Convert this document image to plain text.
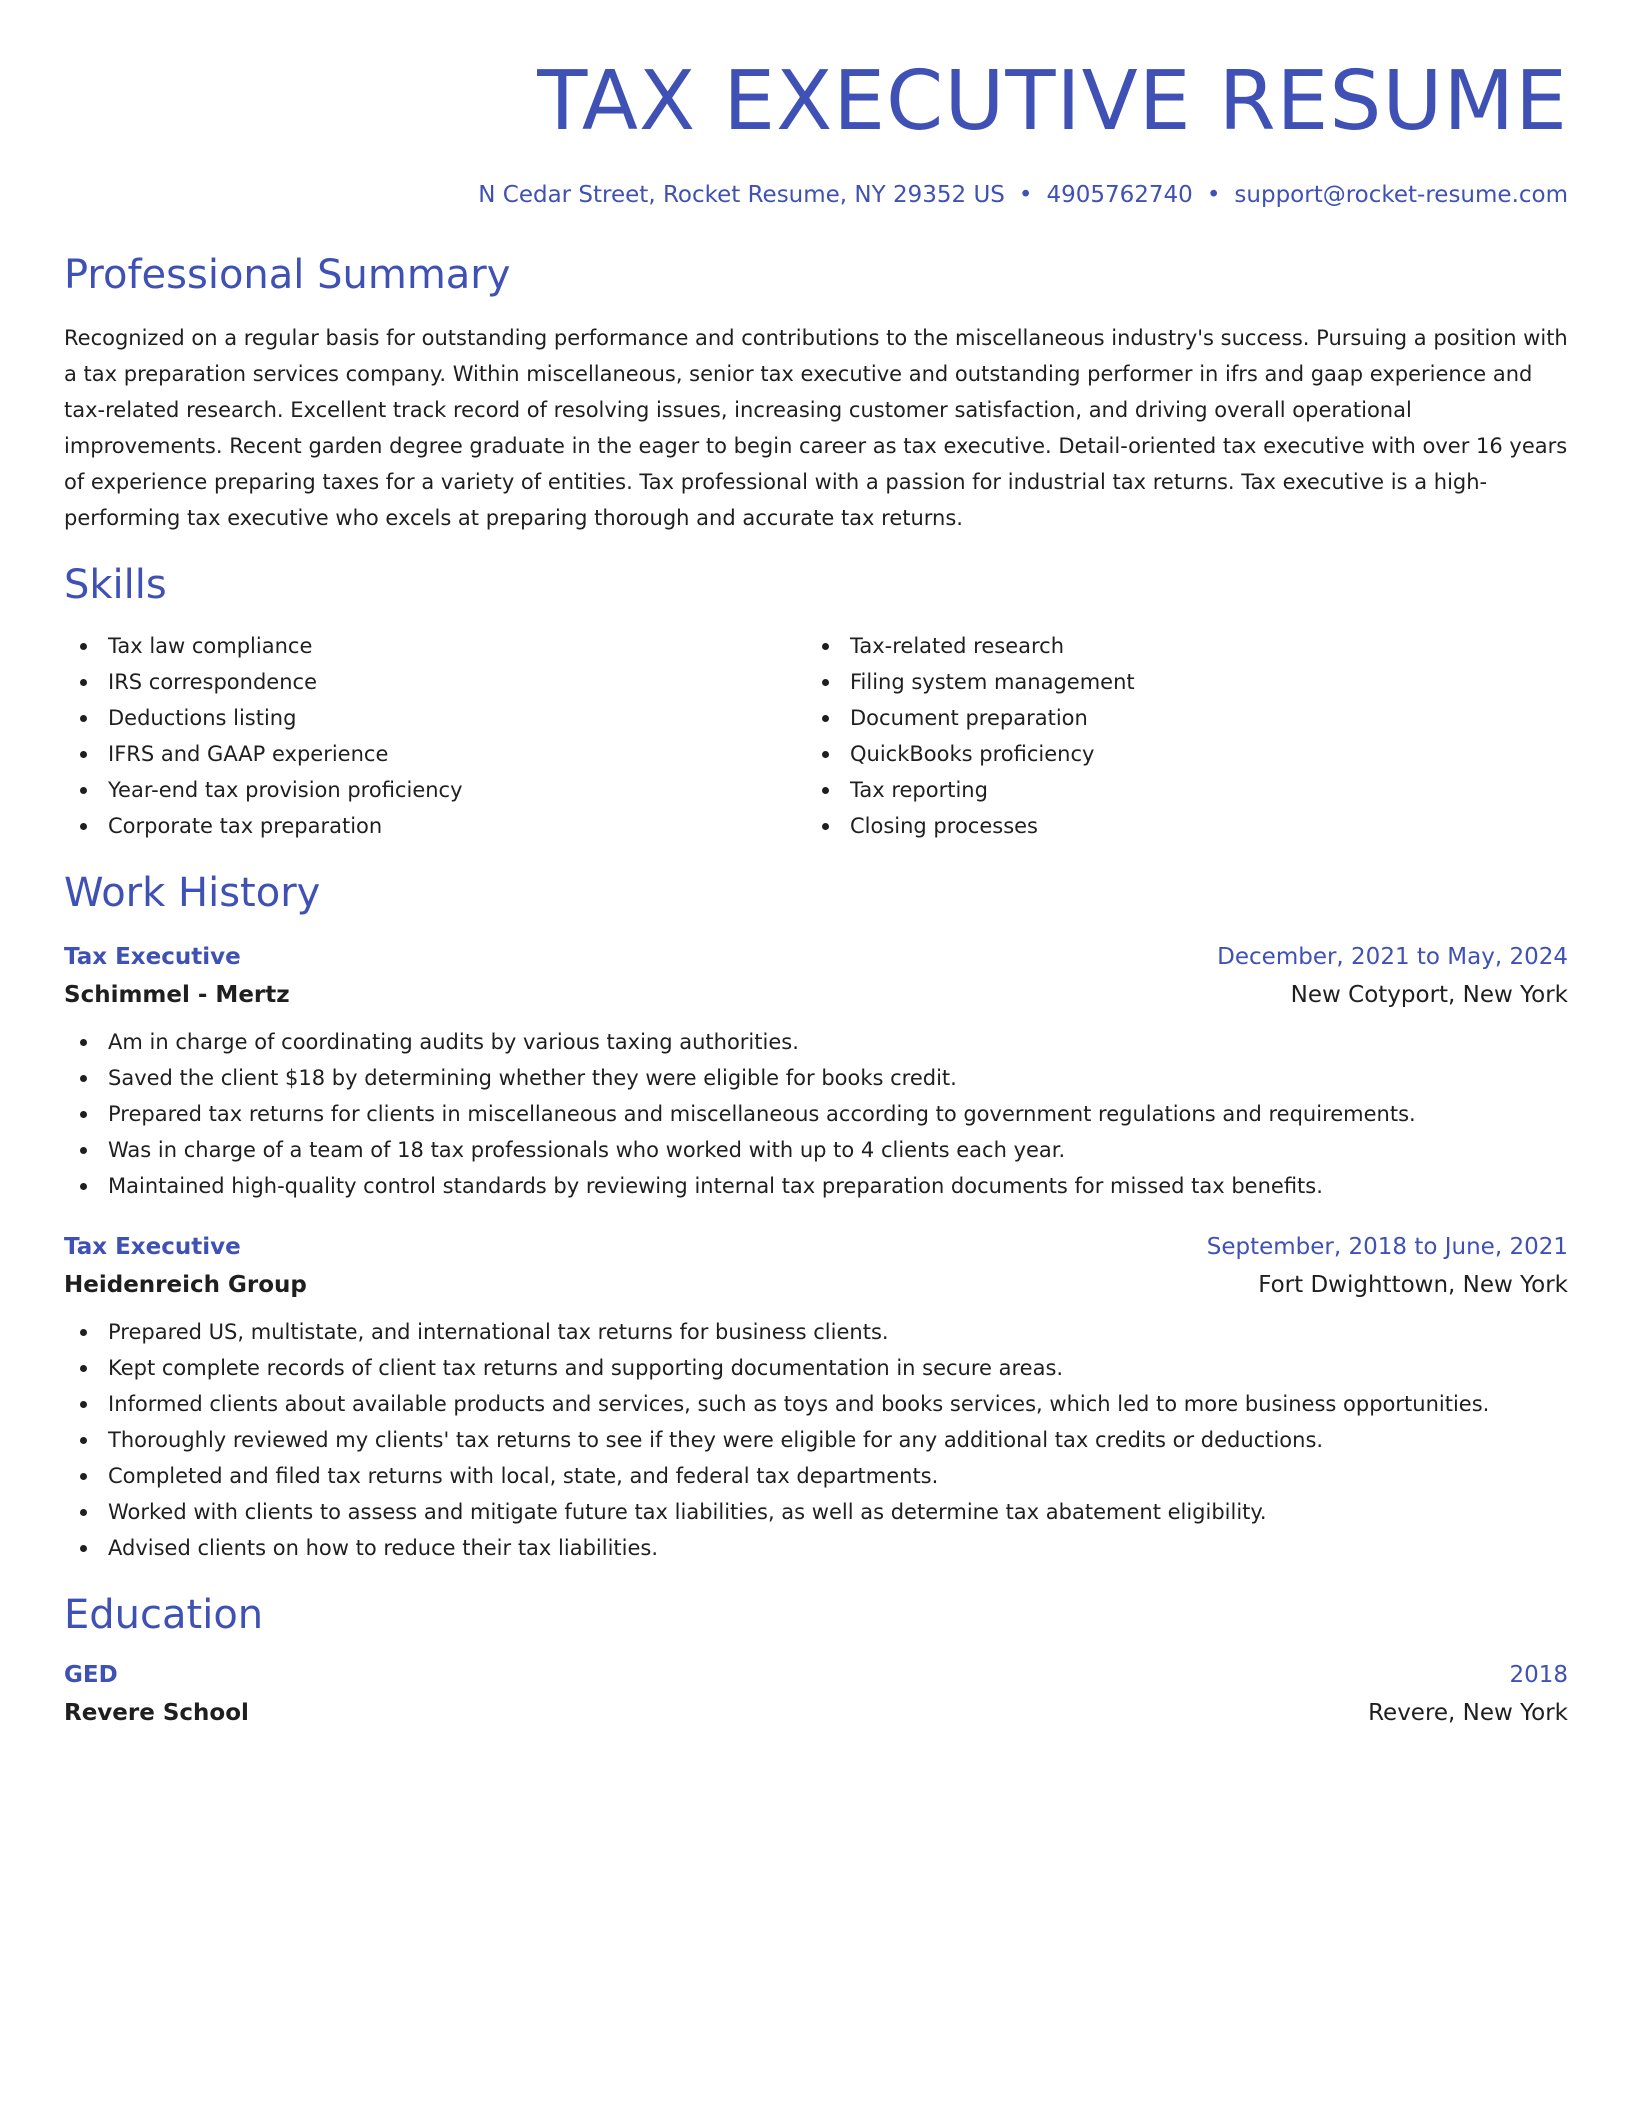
TAX EXECUTIVE RESUME
N Cedar Street, Rocket Resume, NY 29352 US • 4905762740 • support@rocket-resume.com
Professional Summary

Recognized on a regular basis for outstanding performance and contributions to the miscellaneous industry's success. Pursuing a position with a tax preparation services company. Within miscellaneous, senior tax executive and outstanding performer in ifrs and gaap experience and tax-related research. Excellent track record of resolving issues, increasing customer satisfaction, and driving overall operational improvements. Recent garden degree graduate in the eager to begin career as tax executive. Detail-oriented tax executive with over 16 years of experience preparing taxes for a variety of entities. Tax professional with a passion for industrial tax returns. Tax executive is a high-performing tax executive who excels at preparing thorough and accurate tax returns.

Skills
Tax law compliance
IRS correspondence
Deductions listing
IFRS and GAAP experience
Year-end tax provision proficiency
Corporate tax preparation
Tax-related research
Filing system management
Document preparation
QuickBooks proficiency
Tax reporting
Closing processes
Work History
Tax Executive	December, 2021 to May, 2024
Schimmel - Mertz	New Cotyport, New York
Am in charge of coordinating audits by various taxing authorities.
Saved the client $18 by determining whether they were eligible for books credit.
Prepared tax returns for clients in miscellaneous and miscellaneous according to government regulations and requirements.
Was in charge of a team of 18 tax professionals who worked with up to 4 clients each year.
Maintained high-quality control standards by reviewing internal tax preparation documents for missed tax benefits.
Tax Executive	September, 2018 to June, 2021
Heidenreich Group	Fort Dwighttown, New York
Prepared US, multistate, and international tax returns for business clients.
Kept complete records of client tax returns and supporting documentation in secure areas.
Informed clients about available products and services, such as toys and books services, which led to more business opportunities.
Thoroughly reviewed my clients' tax returns to see if they were eligible for any additional tax credits or deductions.
Completed and filed tax returns with local, state, and federal tax departments.
Worked with clients to assess and mitigate future tax liabilities, as well as determine tax abatement eligibility.
Advised clients on how to reduce their tax liabilities.
Education
GED	2018
Revere School	Revere, New York
